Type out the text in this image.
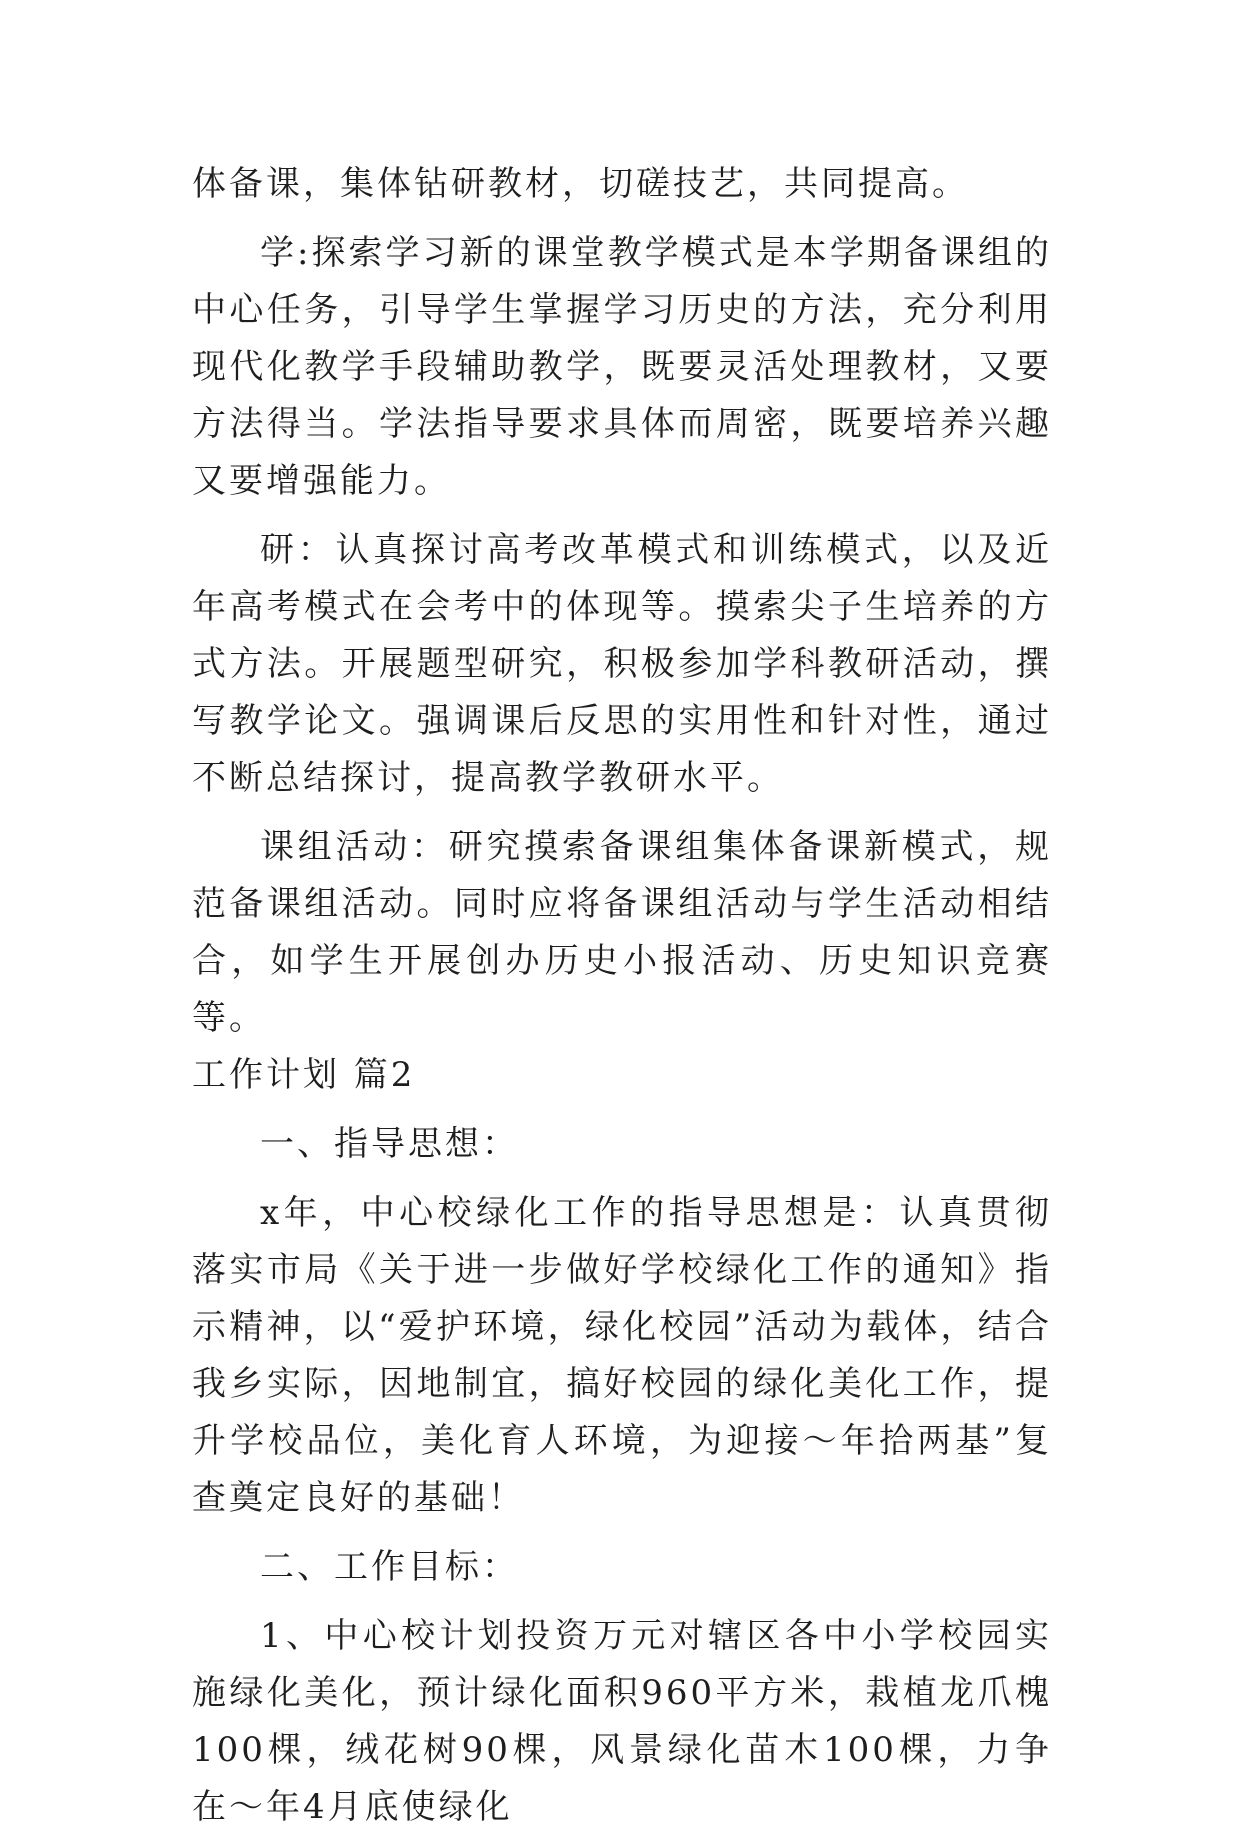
体备课，集体钻研教材，切磋技艺，共同提高。

学:探索学习新的课堂教学模式是本学期备课组的中心任务，引导学生掌握学习历史的方法，充分利用现代化教学手段辅助教学，既要灵活处理教材，又要方法得当。学法指导要求具体而周密，既要培养兴趣又要增强能力。

研：认真探讨高考改革模式和训练模式，以及近年高考模式在会考中的体现等。摸索尖子生培养的方式方法。开展题型研究，积极参加学科教研活动，撰写教学论文。强调课后反思的实用性和针对性，通过不断总结探讨，提高教学教研水平。

课组活动：研究摸索备课组集体备课新模式，规范备课组活动。同时应将备课组活动与学生活动相结合，如学生开展创办历史小报活动、历史知识竞赛等。

工作计划 篇2

一、指导思想：

x年，中心校绿化工作的指导思想是：认真贯彻落实市局《关于进一步做好学校绿化工作的通知》指示精神，以“爱护环境，绿化校园”活动为载体，结合我乡实际，因地制宜，搞好校园的绿化美化工作，提升学校品位，美化育人环境，为迎接～年拾两基”复查奠定良好的基础！

二、工作目标：

1、中心校计划投资万元对辖区各中小学校园实施绿化美化，预计绿化面积960平方米，栽植龙爪槐100棵，绒花树90棵，风景绿化苗木100棵，力争在～年4月底使绿化
